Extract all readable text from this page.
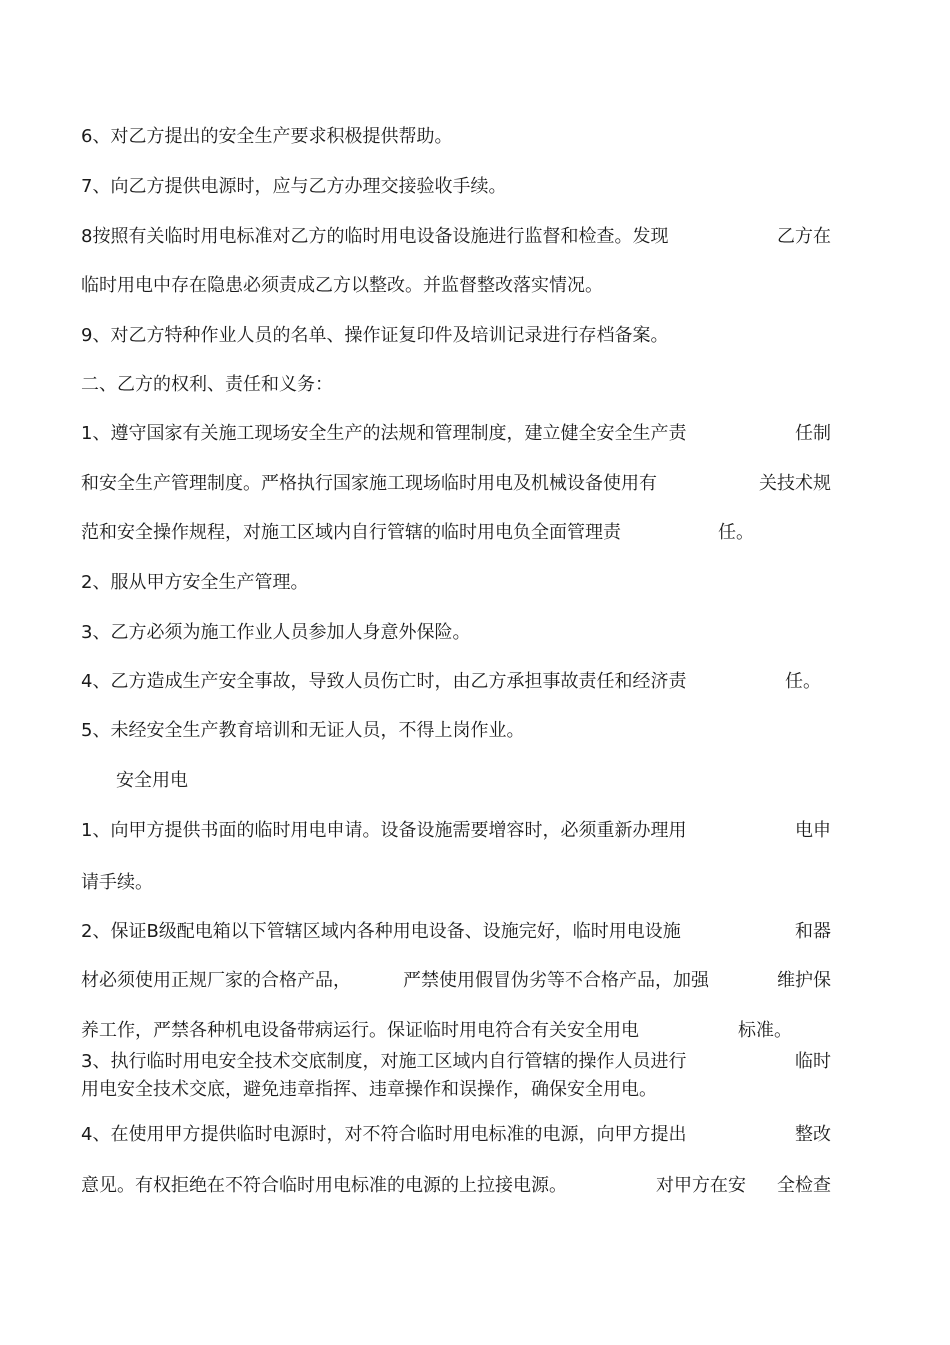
6、对乙方提出的安全生产要求积极提供帮助。
7、向乙方提供电源时，应与乙方办理交接验收手续。
8按照有关临时用电标准对乙方的临时用电设备设施进行监督和检查。发现	乙方在
临时用电中存在隐患必须责成乙方以整改。并监督整改落实情况。
9、对乙方特种作业人员的名单、操作证复印件及培训记录进行存档备案。
二、乙方的权利、责任和义务：
1、遵守国家有关施工现场安全生产的法规和管理制度，建立健全安全生产责	任制
和安全生产管理制度。严格执行国家施工现场临时用电及机械设备使用有	关技术规
范和安全操作规程，对施工区域内自行管辖的临时用电负全面管理责	任。
2、服从甲方安全生产管理。
3、乙方必须为施工作业人员参加人身意外保险。
4、乙方造成生产安全事故，导致人员伤亡时，由乙方承担事故责任和经济责	任。
5、未经安全生产教育培训和无证人员，不得上岗作业。
安全用电
1、向甲方提供书面的临时用电申请。设备设施需要增容时，必须重新办理用	电申
请手续。
2、保证B级配电箱以下管辖区域内各种用电设备、设施完好，临时用电设施	和器
材必须使用正规厂家的合格产品，	严禁使用假冒伪劣等不合格产品，加强	维护保
养工作，严禁各种机电设备带病运行。保证临时用电符合有关安全用电	标准。
3、执行临时用电安全技术交底制度，对施工区域内自行管辖的操作人员进行	临时
用电安全技术交底，避免违章指挥、违章操作和误操作，确保安全用电。
4、在使用甲方提供临时电源时，对不符合临时用电标准的电源，向甲方提出	整改
意见。有权拒绝在不符合临时用电标准的电源的上拉接电源。	对甲方在安 全检查
